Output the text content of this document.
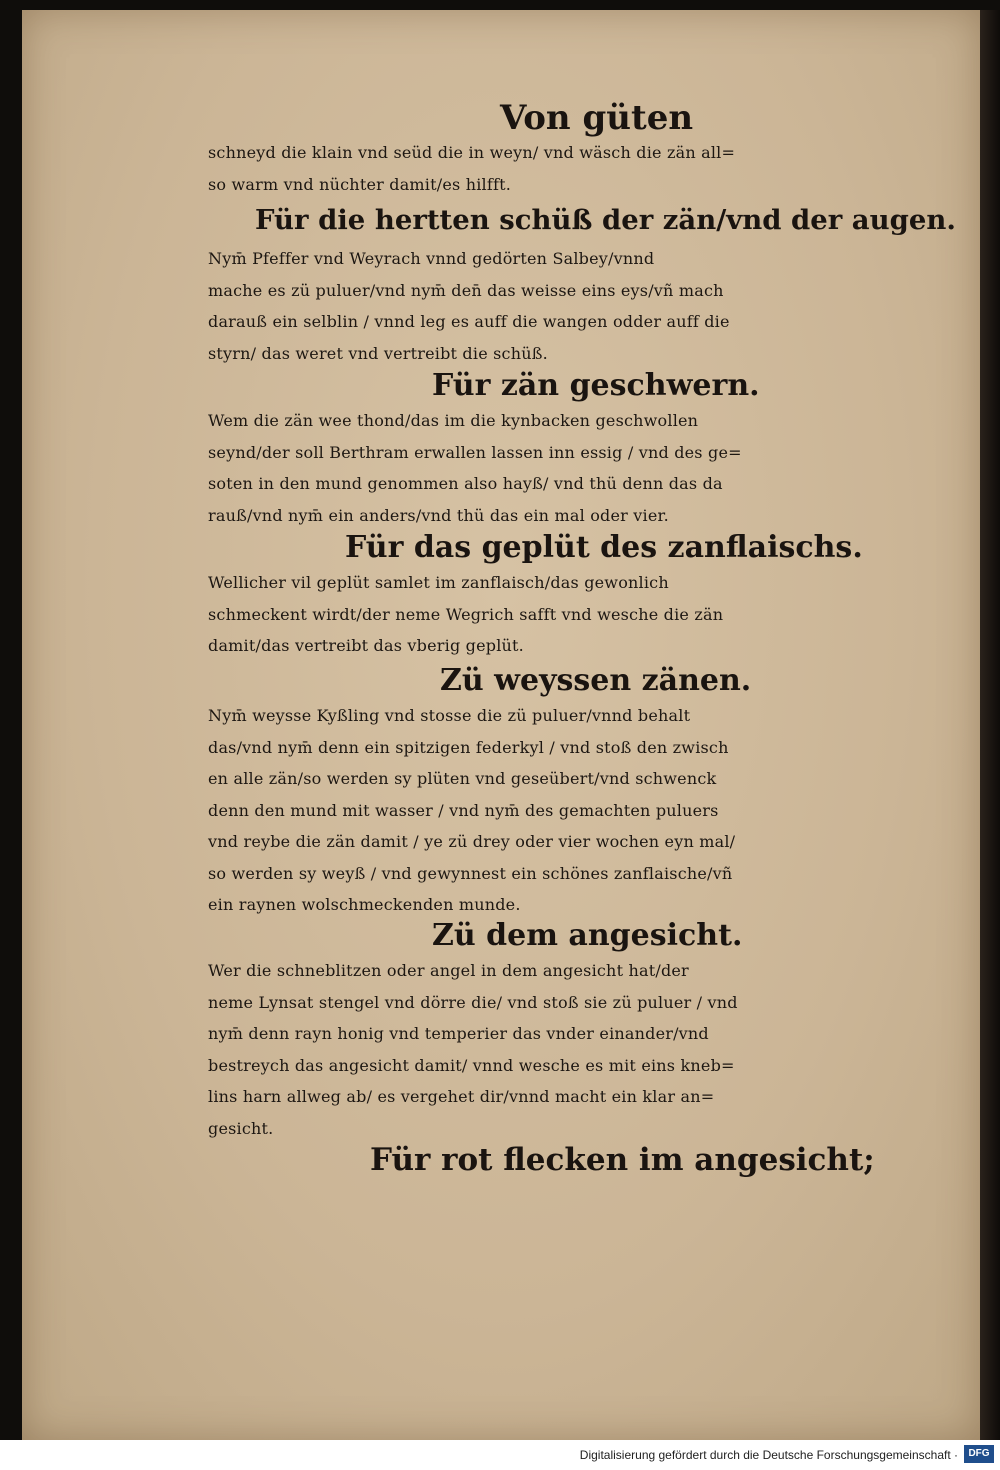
Von güten
schneyd die klain vnd seüd die in weyn/ vnd wäsch die zän all=
so warm vnd nüchter damit/es hilfft.
Für die hertten schüß der zän/vnd der augen.
Nym̄ Pfeffer vnd Weyrach vnnd gedörten Salbey/vnnd
mache es zü puluer/vnd nym̄ den̄ das weisse eins eys/vñ mach
darauß ein selblin / vnnd leg es auff die wangen odder auff die
styrn/ das weret vnd vertreibt die schüß.
Für zän geschwern.
Wem die zän wee thond/das im die kynbacken geschwollen
seynd/der soll Berthram erwallen lassen inn essig / vnd des ge=
soten in den mund genommen also hayß/ vnd thü denn das da
rauß/vnd nym̄ ein anders/vnd thü das ein mal oder vier.
Für das geplüt des zanflaischs.
Wellicher vil geplüt samlet im zanflaisch/das gewonlich
schmeckent wirdt/der neme Wegrich safft vnd wesche die zän
damit/das vertreibt das vberig geplüt.
Zü weyssen zänen.
Nym̄ weysse Kyßling vnd stosse die zü puluer/vnnd behalt
das/vnd nym̄ denn ein spitzigen federkyl / vnd stoß den zwisch
en alle zän/so werden sy plüten vnd geseübert/vnd schwenck
denn den mund mit wasser / vnd nym̄ des gemachten puluers
vnd reybe die zän damit / ye zü drey oder vier wochen eyn mal/
so werden sy weyß / vnd gewynnest ein schönes zanflaische/vñ
ein raynen wolschmeckenden munde.
Zü dem angesicht.
Wer die schneblitzen oder angel in dem angesicht hat/der
neme Lynsat stengel vnd dörre die/ vnd stoß sie zü puluer / vnd
nym̄ denn rayn honig vnd temperier das vnder einander/vnd
bestreych das angesicht damit/ vnnd wesche es mit eins kneb=
lins harn allweg ab/ es vergehet dir/vnnd macht ein klar an=
gesicht.
Für rot flecken im angesicht;
Digitalisierung gefördert durch die Deutsche Forschungsgemeinschaft ·	DFG
